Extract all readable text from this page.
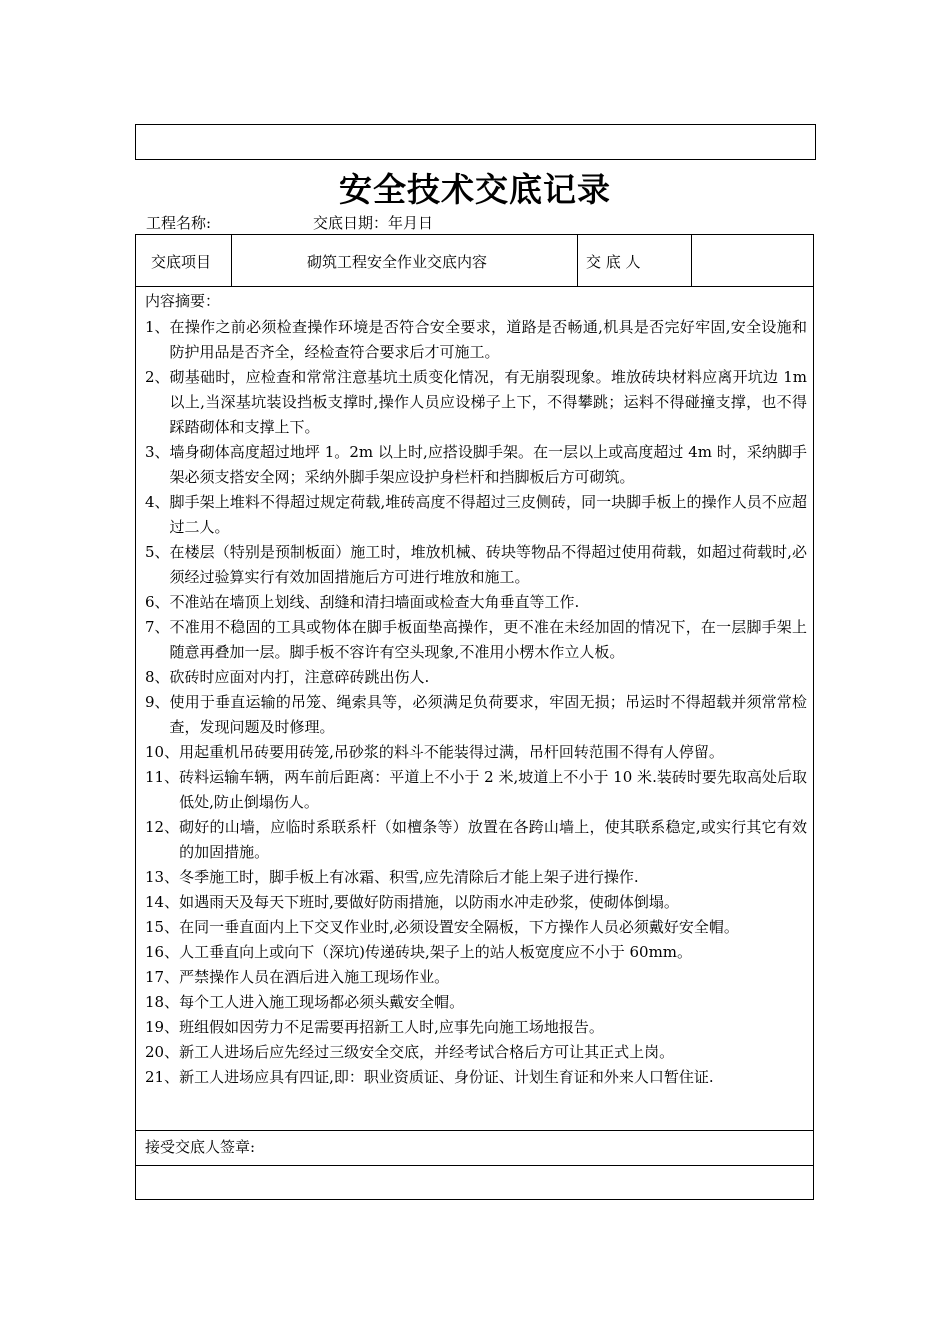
安全技术交底记录
工程名称:	交底日期：年月日
交底项目	砌筑工程安全作业交底内容	交 底 人
内容摘要：
1、 在操作之前必须检查操作环境是否符合安全要求，道路是否畅通,机具是否完好牢固,安全设施和防护用品是否齐全，经检查符合要求后才可施工。
2、 砌基础时，应检查和常常注意基坑土质变化情况，有无崩裂现象。堆放砖块材料应离开坑边 1m 以上,当深基坑装设挡板支撑时,操作人员应设梯子上下，不得攀跳；运料不得碰撞支撑，也不得踩踏砌体和支撑上下。
3、 墙身砌体高度超过地坪 1。2m 以上时,应搭设脚手架。在一层以上或高度超过 4m 时，采纳脚手架必须支搭安全网；采纳外脚手架应设护身栏杆和挡脚板后方可砌筑。
4、 脚手架上堆料不得超过规定荷载,堆砖高度不得超过三皮侧砖，同一块脚手板上的操作人员不应超过二人。
5、 在楼层（特别是预制板面）施工时，堆放机械、砖块等物品不得超过使用荷载，如超过荷载时,必须经过验算实行有效加固措施后方可进行堆放和施工。
6、 不准站在墙顶上划线、刮缝和清扫墙面或检查大角垂直等工作.
7、 不准用不稳固的工具或物体在脚手板面垫高操作，更不准在未经加固的情况下，在一层脚手架上随意再叠加一层。脚手板不容许有空头现象,不准用小楞木作立人板。
8、 砍砖时应面对内打，注意碎砖跳出伤人.
9、 使用于垂直运输的吊笼、绳索具等，必须满足负荷要求，牢固无损；吊运时不得超载并须常常检查，发现问题及时修理。
10、 用起重机吊砖要用砖笼,吊砂浆的料斗不能装得过满，吊杆回转范围不得有人停留。
11、 砖料运输车辆，两车前后距离：平道上不小于 2 米,坡道上不小于 10 米.装砖时要先取高处后取低处,防止倒塌伤人。
12、 砌好的山墙，应临时系联系杆（如檀条等）放置在各跨山墙上，使其联系稳定,或实行其它有效的加固措施。
13、 冬季施工时，脚手板上有冰霜、积雪,应先清除后才能上架子进行操作.
14、 如遇雨天及每天下班时,要做好防雨措施，以防雨水冲走砂浆，使砌体倒塌。
15、 在同一垂直面内上下交叉作业时,必须设置安全隔板，下方操作人员必须戴好安全帽。
16、 人工垂直向上或向下（深坑)传递砖块,架子上的站人板宽度应不小于 60mm。
17、 严禁操作人员在酒后进入施工现场作业。
18、 每个工人进入施工现场都必须头戴安全帽。
19、 班组假如因劳力不足需要再招新工人时,应事先向施工场地报告。
20、 新工人进场后应先经过三级安全交底，并经考试合格后方可让其正式上岗。
21、 新工人进场应具有四证,即：职业资质证、身份证、计划生育证和外来人口暂住证.
接受交底人签章:
